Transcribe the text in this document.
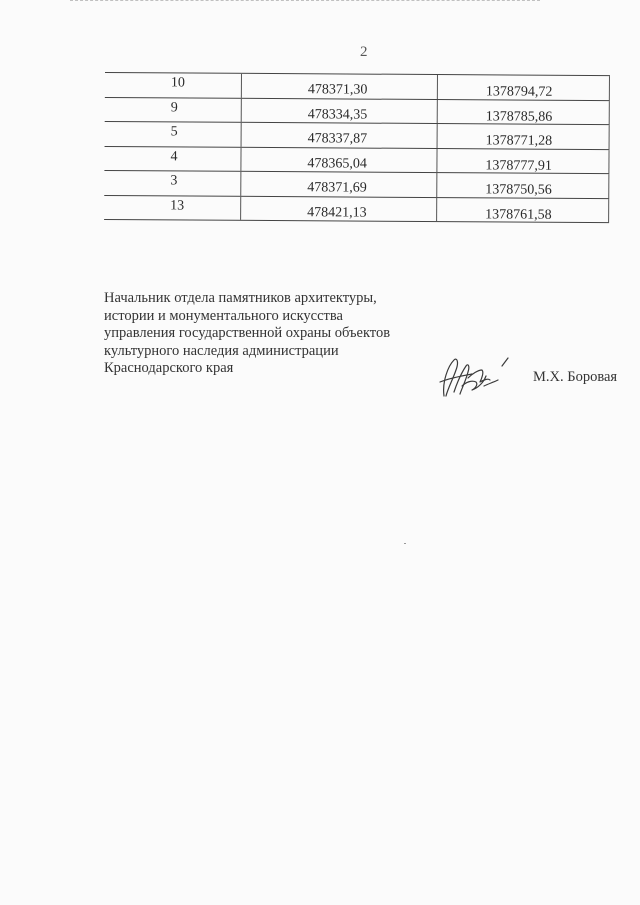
2
10	478371,30	1378794,72
9	478334,35	1378785,86
5	478337,87	1378771,28
4	478365,04	1378777,91
3	478371,69	1378750,56
13	478421,13	1378761,58
Начальник отдела памятников архитектуры,
истории и монументального искусства
управления государственной охраны объектов
культурного наследия администрации
Краснодарского края
М.Х. Боровая
